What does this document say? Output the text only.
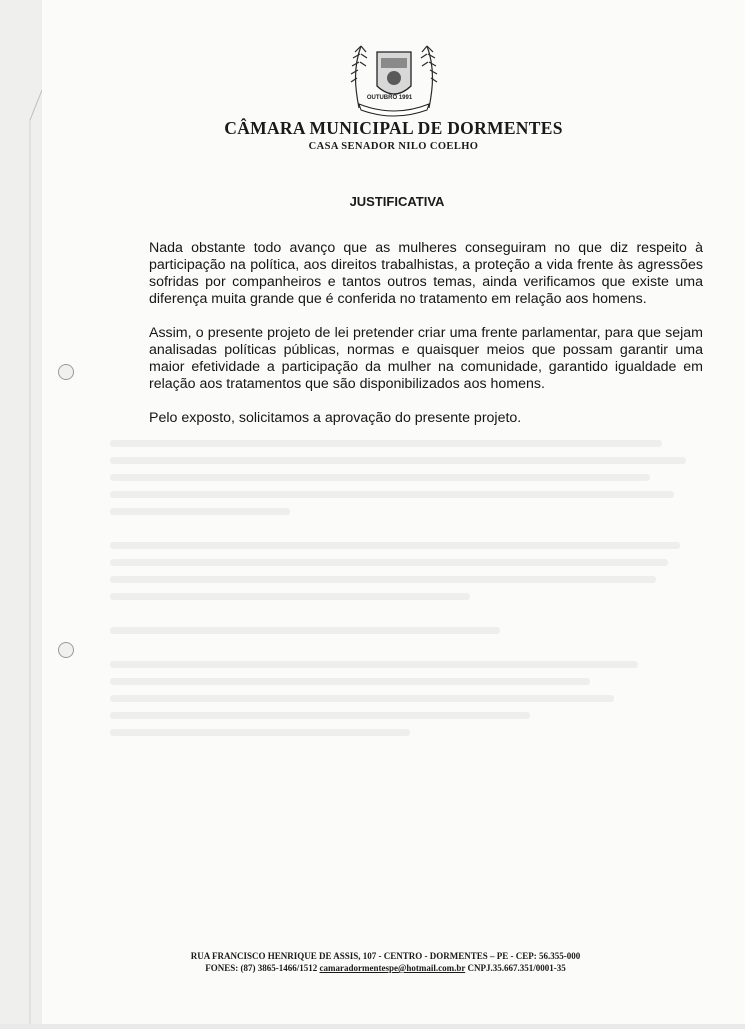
OUTUBRO 1991
CÂMARA MUNICIPAL DE DORMENTES
CASA SENADOR NILO COELHO
JUSTIFICATIVA

Nada obstante todo avanço que as mulheres conseguiram no que diz respeito à participação na política, aos direitos trabalhistas, a proteção a vida frente às agressões sofridas por companheiros e tantos outros temas, ainda verificamos que existe uma diferença muita grande que é conferida no tratamento em relação aos homens.

Assim, o presente projeto de lei pretender criar uma frente parlamentar, para que sejam analisadas políticas públicas, normas e quaisquer meios que possam garantir uma maior efetividade a participação da mulher na comunidade, garantido igualdade em relação aos tratamentos que são disponibilizados aos homens.

Pelo exposto, solicitamos a aprovação do presente projeto.

RUA FRANCISCO HENRIQUE DE ASSIS, 107 - CENTRO - DORMENTES – PE - CEP: 56.355-000
FONES: (87) 3865-1466/1512 camaradormentespe@hotmail.com.br CNPJ.35.667.351/0001-35
